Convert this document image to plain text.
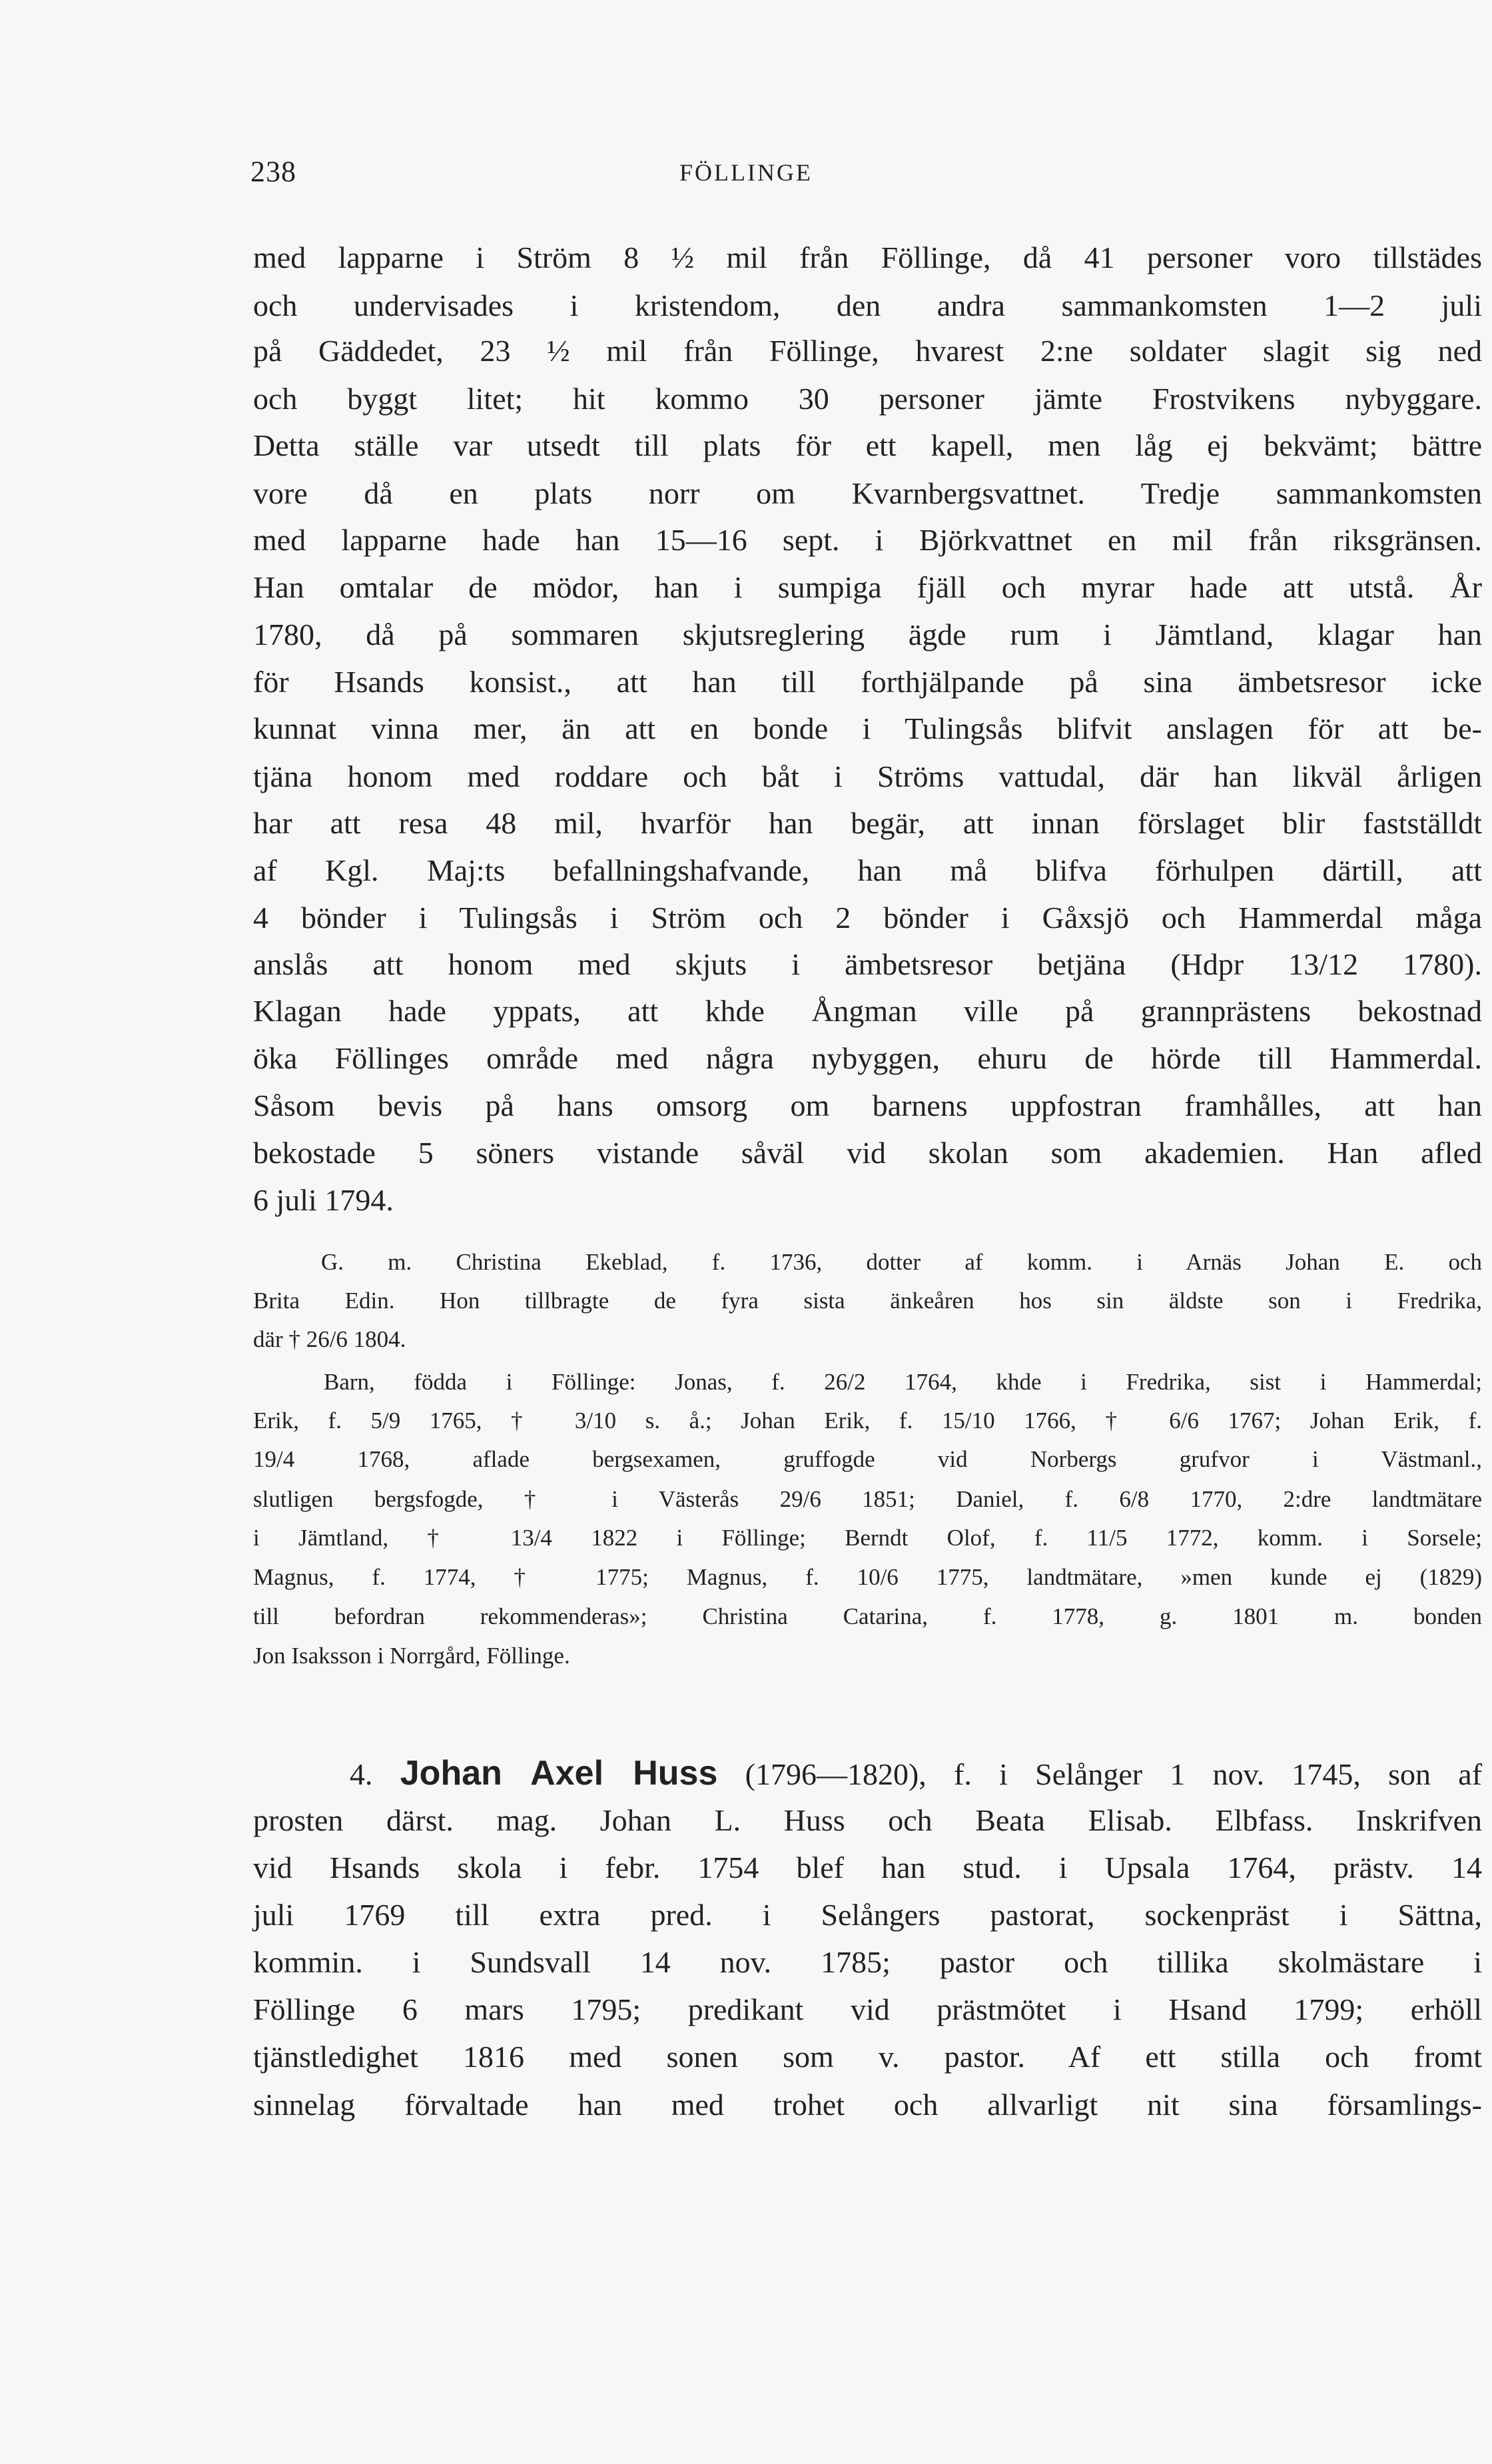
238	FÖLLINGE
med lapparne i Ström 8 ½ mil från Föllinge, då 41 personer voro tillstädes
och undervisades i kristendom, den andra sammankomsten 1—2 juli
på Gäddedet, 23 ½ mil från Föllinge, hvarest 2:ne soldater slagit sig ned
och byggt litet; hit kommo 30 personer jämte Frostvikens nybyggare.
Detta ställe var utsedt till plats för ett kapell, men låg ej bekvämt; bättre
vore då en plats norr om Kvarnbergsvattnet. Tredje sammankomsten
med lapparne hade han 15—16 sept. i Björkvattnet en mil från riksgränsen.
Han omtalar de mödor, han i sumpiga fjäll och myrar hade att utstå. År
1780, då på sommaren skjutsreglering ägde rum i Jämtland, klagar han
för Hsands konsist., att han till forthjälpande på sina ämbetsresor icke
kunnat vinna mer, än att en bonde i Tulingsås blifvit anslagen för att be-
tjäna honom med roddare och båt i Ströms vattudal, där han likväl årligen
har att resa 48 mil, hvarför han begär, att innan förslaget blir fastställdt
af Kgl. Maj:ts befallningshafvande, han må blifva förhulpen därtill, att
4 bönder i Tulingsås i Ström och 2 bönder i Gåxsjö och Hammerdal måga
anslås att honom med skjuts i ämbetsresor betjäna (Hdpr 13/12 1780).
Klagan hade yppats, att khde Ångman ville på grannprästens bekostnad
öka Föllinges område med några nybyggen, ehuru de hörde till Hammerdal.
Såsom bevis på hans omsorg om barnens uppfostran framhålles, att han
bekostade 5 söners vistande såväl vid skolan som akademien. Han afled
6 juli 1794.
G. m. Christina Ekeblad, f. 1736, dotter af komm. i Arnäs Johan E. och
Brita Edin. Hon tillbragte de fyra sista änkeåren hos sin äldste son i Fredrika,
där † 26/6 1804.
Barn, födda i Föllinge: Jonas, f. 26/2 1764, khde i Fredrika, sist i Hammerdal;
Erik, f. 5/9 1765, † 3/10 s. å.; Johan Erik, f. 15/10 1766, † 6/6 1767; Johan Erik, f.
19/4 1768, aflade bergsexamen, gruffogde vid Norbergs grufvor i Västmanl.,
slutligen bergsfogde, † i Västerås 29/6 1851; Daniel, f. 6/8 1770, 2:dre landtmätare
i Jämtland, † 13/4 1822 i Föllinge; Berndt Olof, f. 11/5 1772, komm. i Sorsele;
Magnus, f. 1774, † 1775; Magnus, f. 10/6 1775, landtmätare, »men kunde ej (1829)
till befordran rekommenderas»; Christina Catarina, f. 1778, g. 1801 m. bonden
Jon Isaksson i Norrgård, Föllinge.
4. Johan Axel Huss (1796—1820), f. i Selånger 1 nov. 1745, son af
prosten därst. mag. Johan L. Huss och Beata Elisab. Elbfass. Inskrifven
vid Hsands skola i febr. 1754 blef han stud. i Upsala 1764, prästv. 14
juli 1769 till extra pred. i Selångers pastorat, sockenpräst i Sättna,
kommin. i Sundsvall 14 nov. 1785; pastor och tillika skolmästare i
Föllinge 6 mars 1795; predikant vid prästmötet i Hsand 1799; erhöll
tjänstledighet 1816 med sonen som v. pastor. Af ett stilla och fromt
sinnelag förvaltade han med trohet och allvarligt nit sina församlings-
